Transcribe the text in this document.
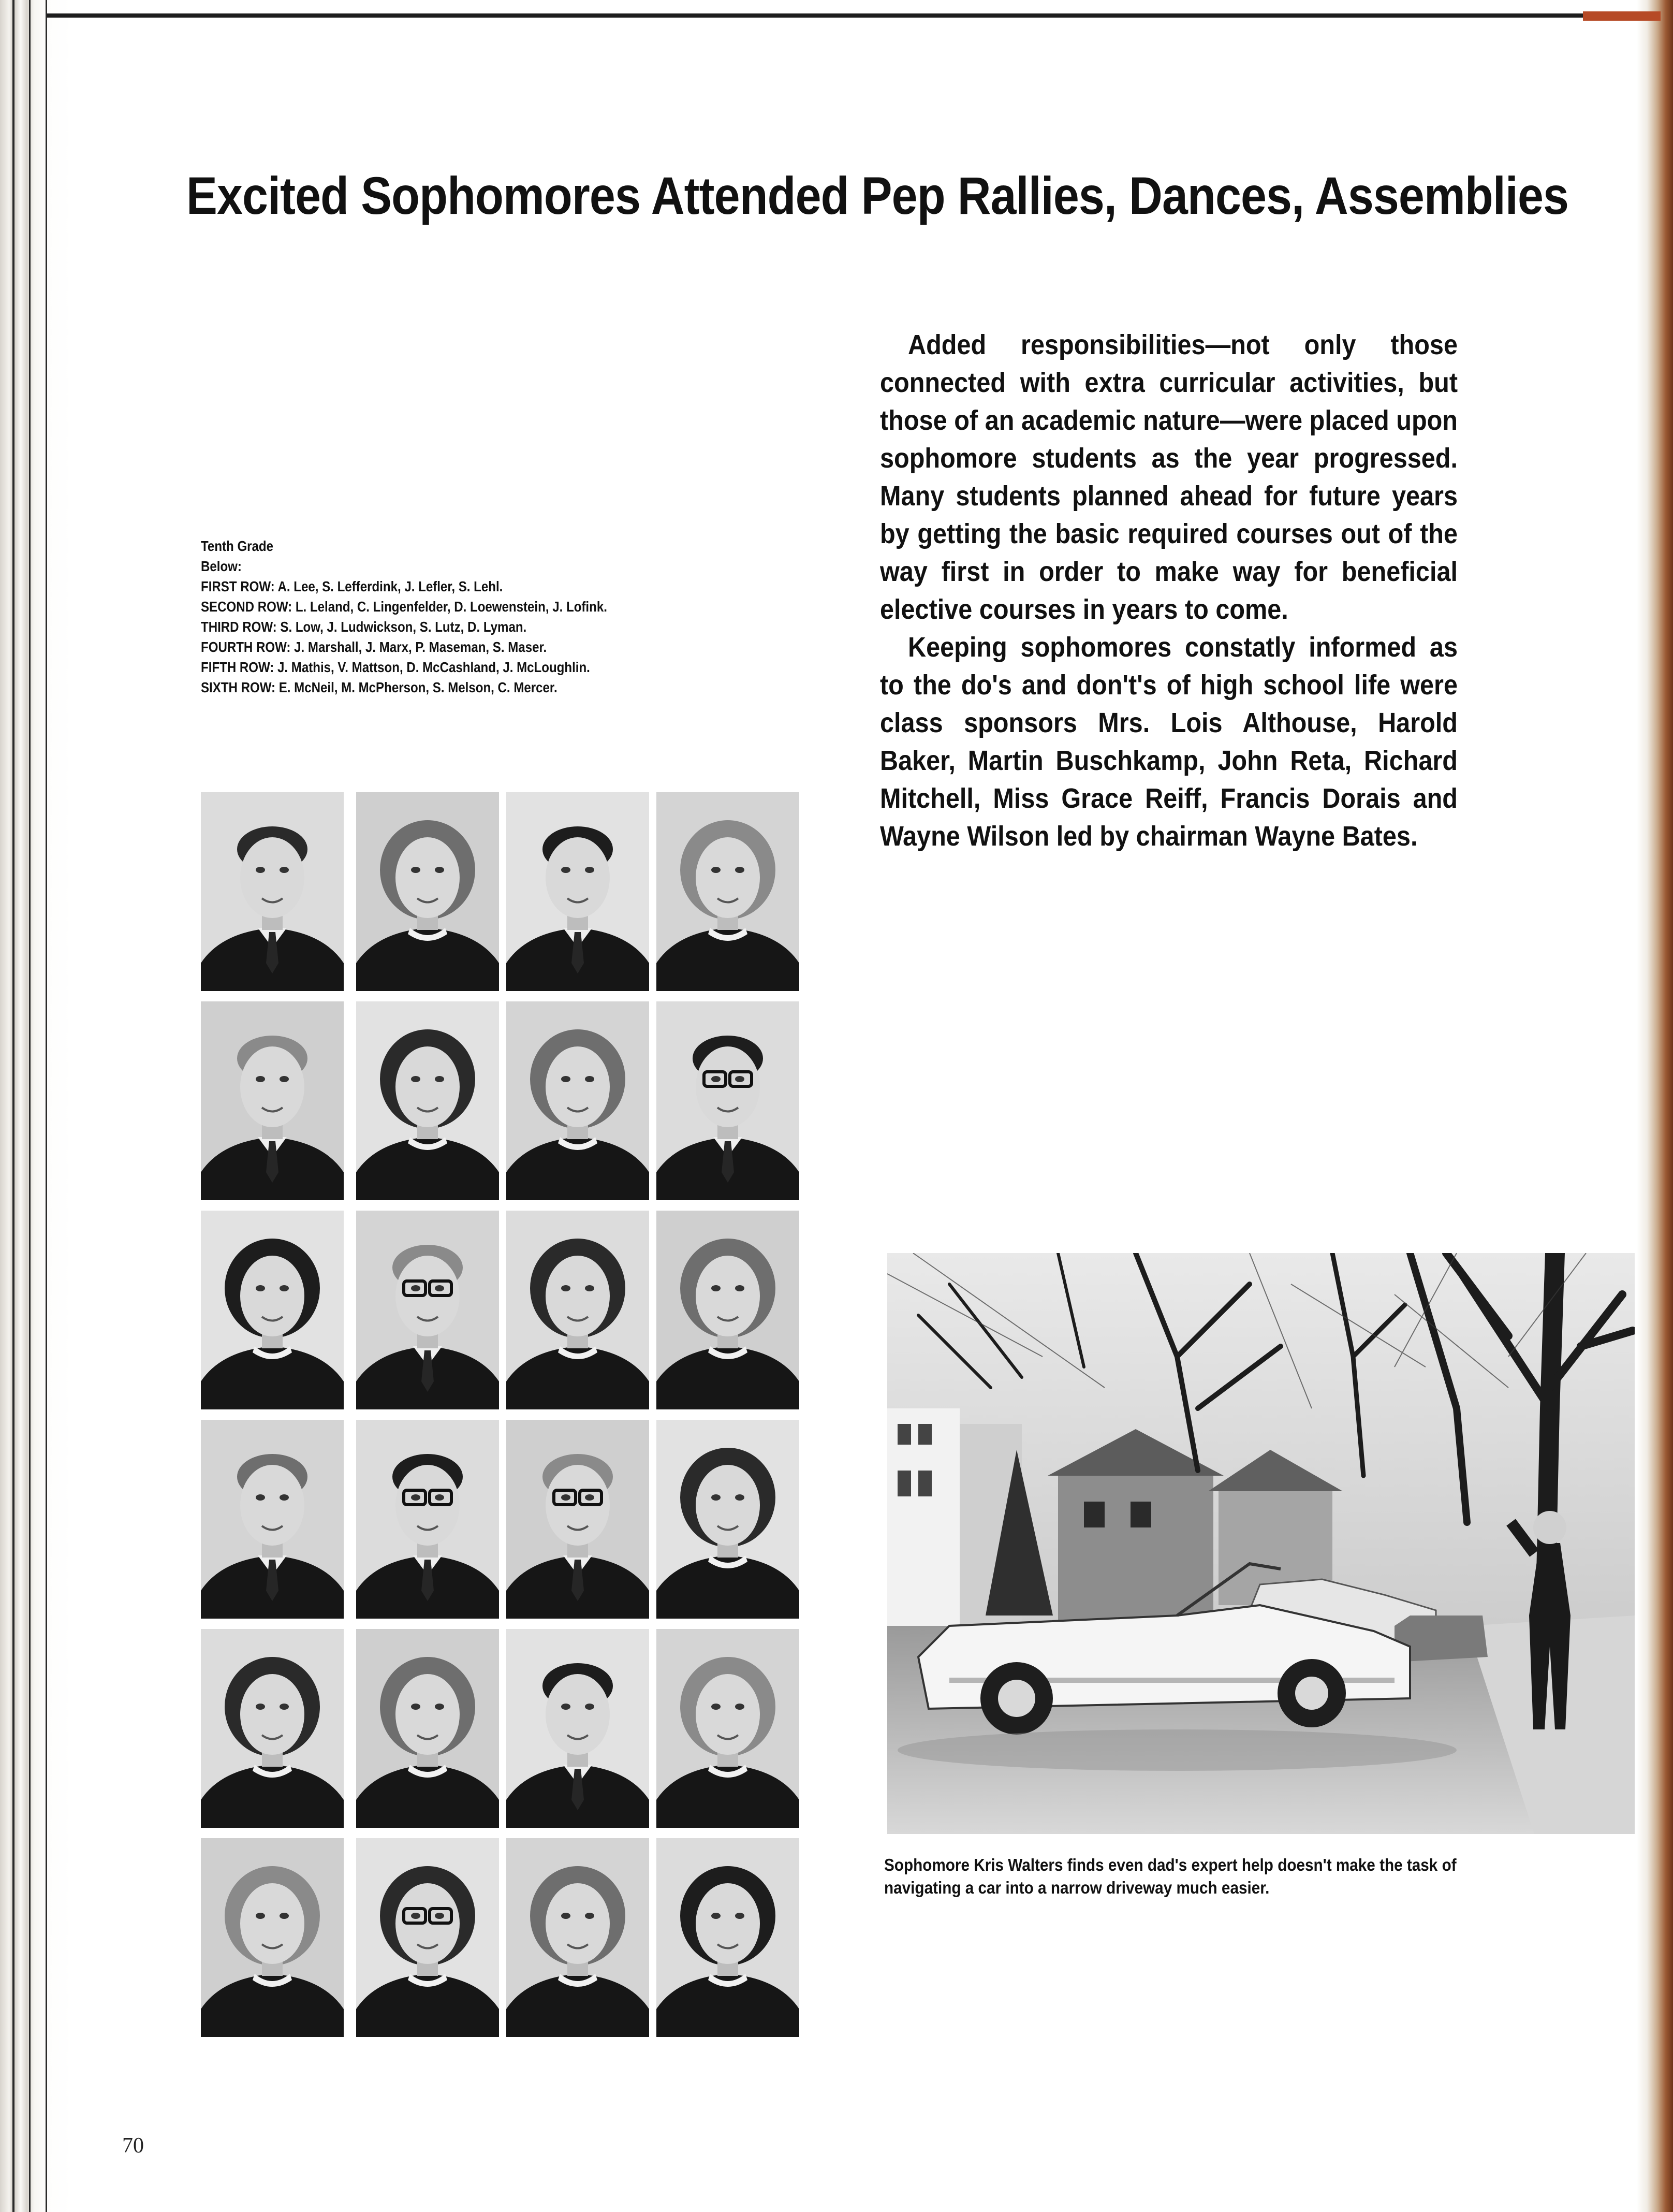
Excited Sophomores Attended Pep Rallies, Dances, Assemblies
Tenth Grade
Below:
FIRST ROW: A. Lee, S. Lefferdink, J. Lefler, S. Lehl.
SECOND ROW: L. Leland, C. Lingenfelder, D. Loewenstein, J. Lofink.
THIRD ROW: S. Low, J. Ludwickson, S. Lutz, D. Lyman.
FOURTH ROW: J. Marshall, J. Marx, P. Maseman, S. Maser.
FIFTH ROW: J. Mathis, V. Mattson, D. McCashland, J. McLoughlin.
SIXTH ROW: E. McNeil, M. McPherson, S. Melson, C. Mercer.

Added responsibilities—not only those connected with extra curricular activities, but those of an academic nature—were placed upon sophomore students as the year progressed. Many students planned ahead for future years by getting the basic required courses out of the way first in order to make way for beneficial elective courses in years to come.

Keeping sophomores constatly informed as to the do's and don't's of high school life were class sponsors Mrs. Lois Althouse, Harold Baker, Martin Buschkamp, John Reta, Richard Mitchell, Miss Grace Reiff, Francis Dorais and Wayne Wilson led by chairman Wayne Bates.

Sophomore Kris Walters finds even dad's expert help doesn't make the task of navigating a car into a narrow driveway much easier.
70
